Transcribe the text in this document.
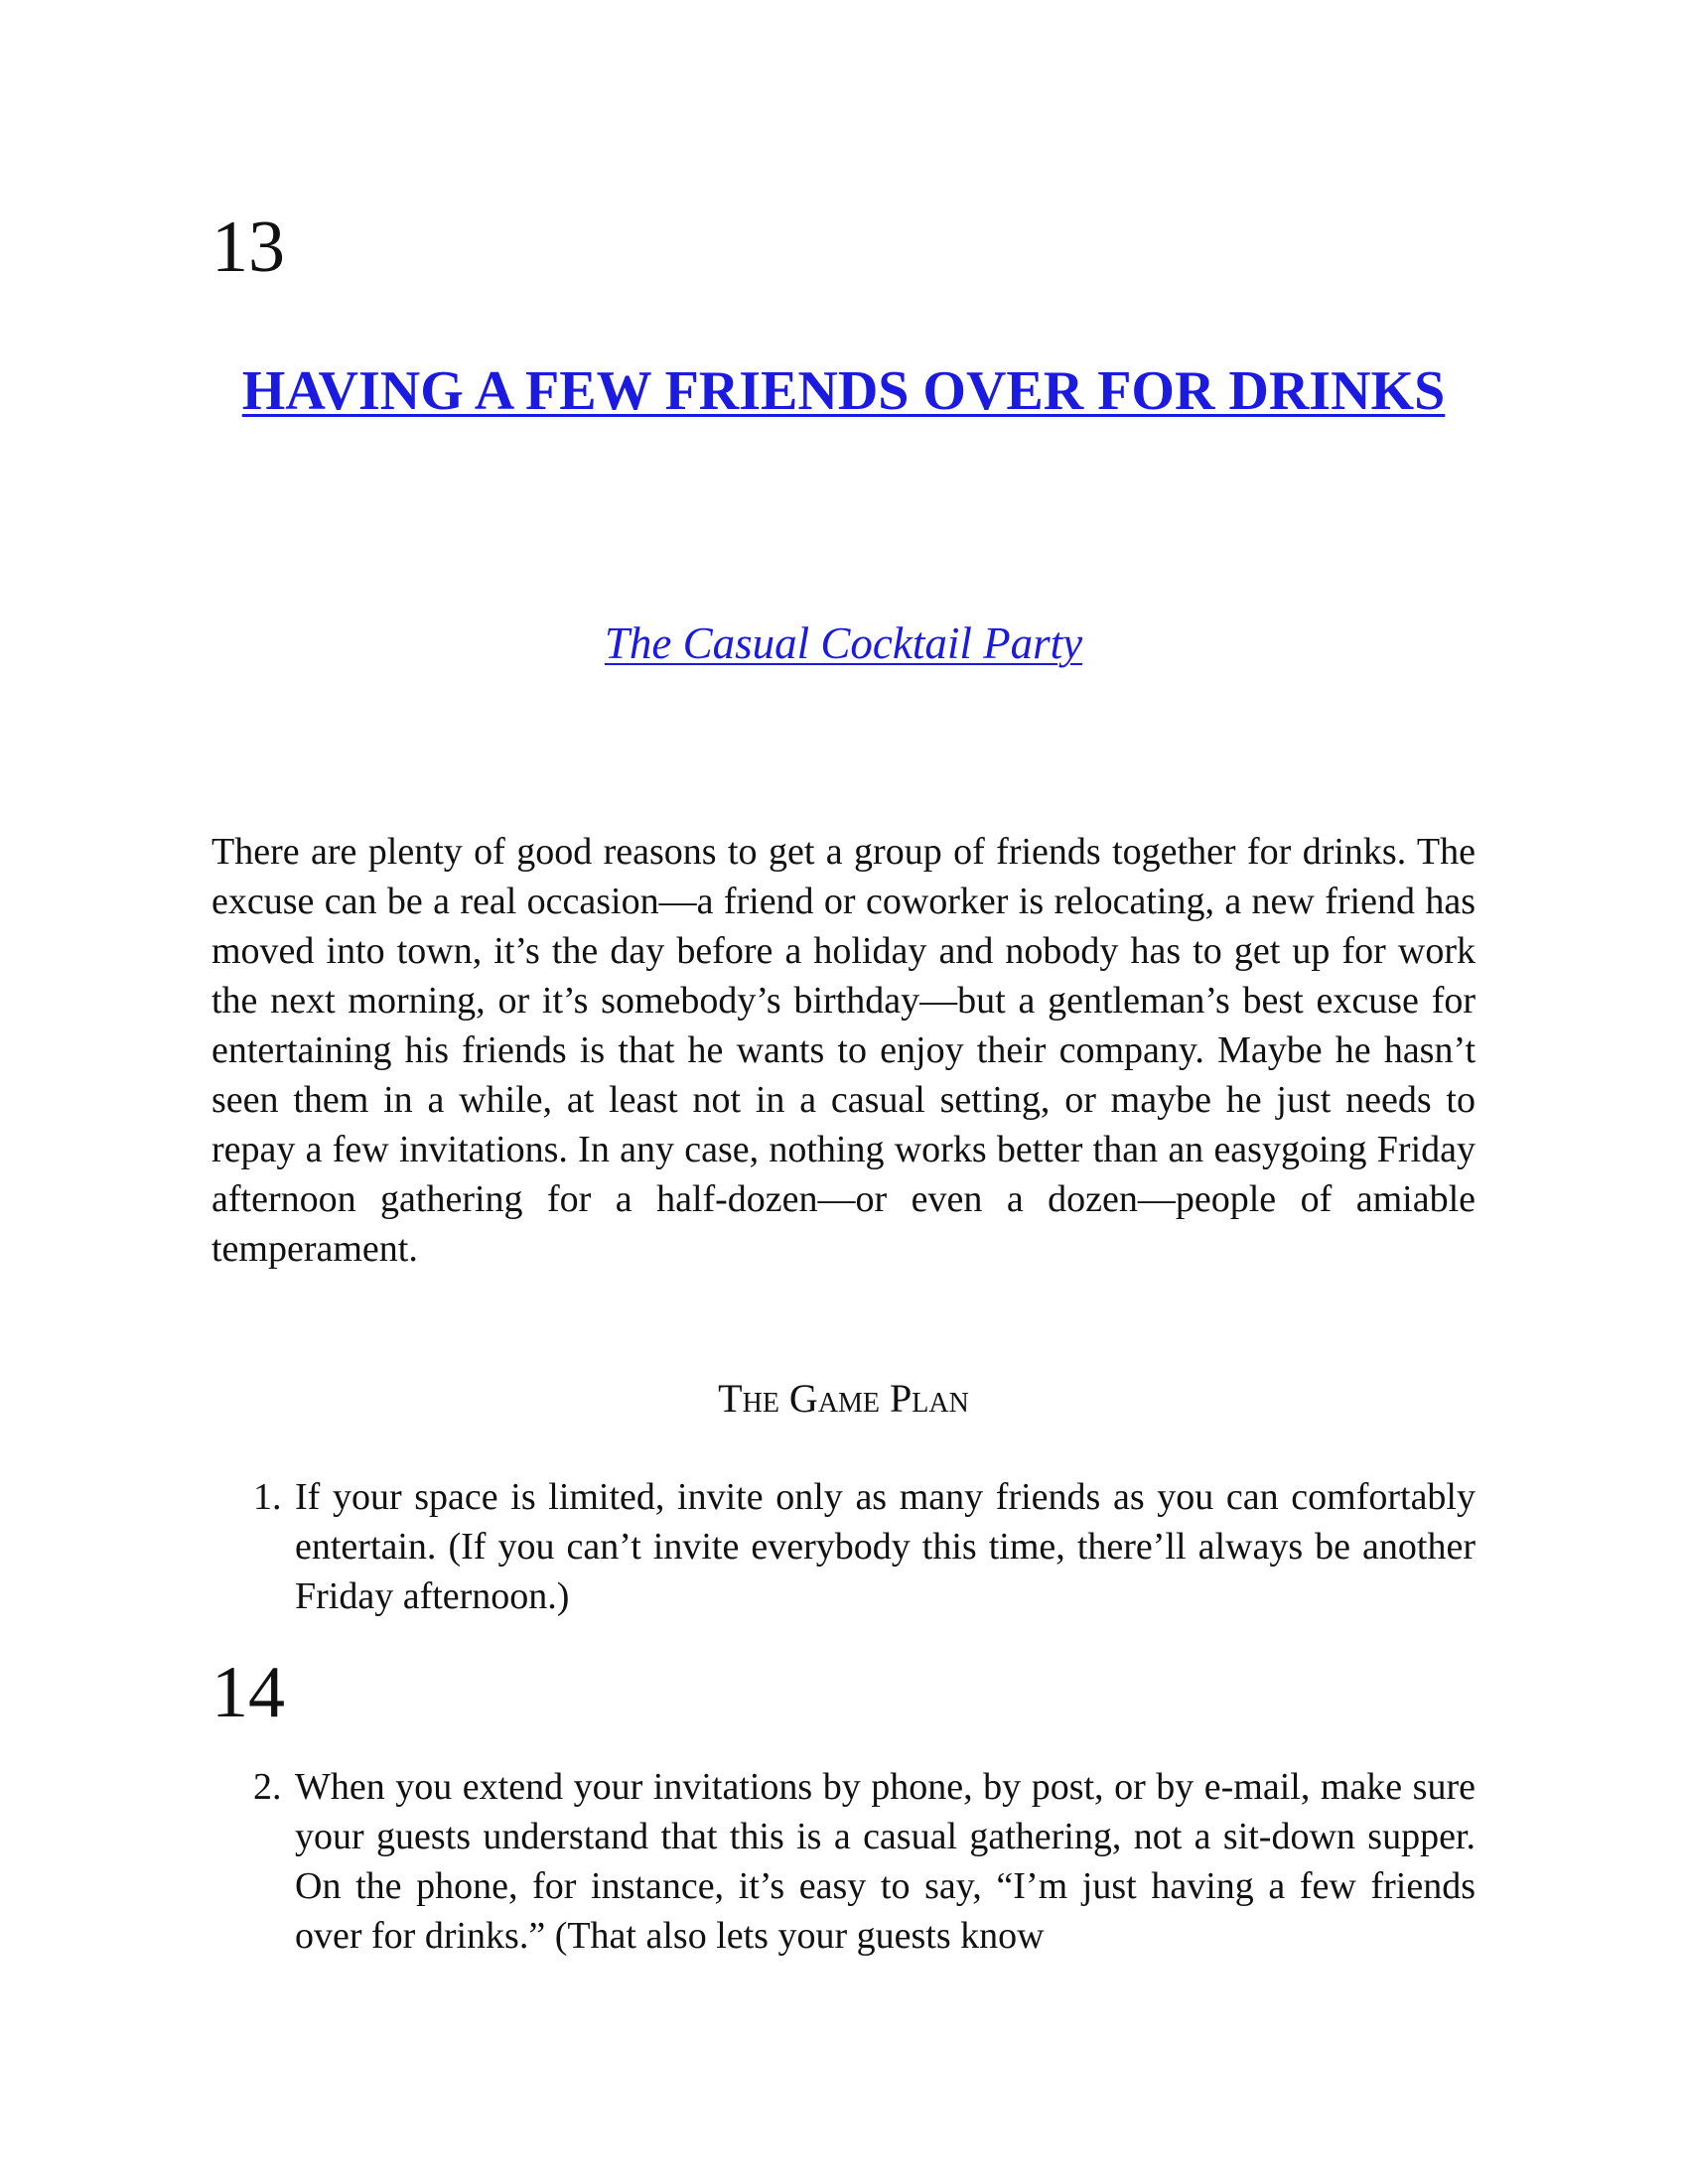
13
HAVING A FEW FRIENDS OVER FOR DRINKS
The Casual Cocktail Party

There are plenty of good reasons to get a group of friends together for drinks. The excuse can be a real occasion—a friend or coworker is relocating, a new friend has moved into town, it’s the day before a holiday and nobody has to get up for work the next morning, or it’s somebody’s birthday—but a gentleman’s best excuse for entertaining his friends is that he wants to enjoy their company. Maybe he hasn’t seen them in a while, at least not in a casual setting, or maybe he just needs to repay a few invitations. In any case, nothing works better than an easygoing Friday afternoon gathering for a half-dozen—or even a dozen—people of amiable temperament.

The Game Plan

1. If your space is limited, invite only as many friends as you can comfortably entertain. (If you can’t invite everybody this time, there’ll always be another Friday afternoon.)

14

2. When you extend your invitations by phone, by post, or by e-mail, make sure your guests understand that this is a casual gathering, not a sit-down supper. On the phone, for instance, it’s easy to say, “I’m just having a few friends over for drinks.” (That also lets your guests know
